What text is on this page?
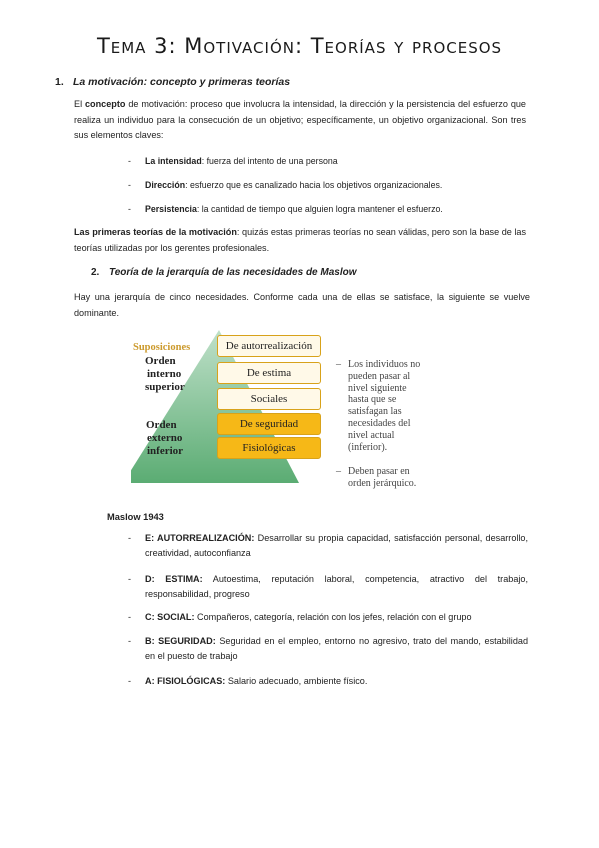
Tema 3: Motivación: Teorías y procesos
1. La motivación: concepto y primeras teorías

El concepto de motivación: proceso que involucra la intensidad, la dirección y la persistencia del esfuerzo que realiza un individuo para la consecución de un objetivo; específicamente, un objetivo organizacional. Son tres sus elementos claves:

- La intensidad: fuerza del intento de una persona
- Dirección: esfuerzo que es canalizado hacia los objetivos organizacionales.
- Persistencia: la cantidad de tiempo que alguien logra mantener el esfuerzo.

Las primeras teorías de la motivación: quizás estas primeras teorías no sean válidas, pero son la base de las teorías utilizadas por los gerentes profesionales.

2. Teoría de la jerarquía de las necesidades de Maslow

Hay una jerarquía de cinco necesidades. Conforme cada una de ellas se satisface, la siguiente se vuelve dominante.

Suposiciones
Orden
interno
superior
Orden
externo
inferior
De autorrealización
De estima
Sociales
De seguridad
Fisiológicas
– Los individuos no
pueden pasar al
nivel siguiente
hasta que se
satisfagan las
necesidades del
nivel actual
(inferior).
– Deben pasar en
orden jerárquico.
Maslow 1943
- E: AUTORREALIZACIÓN: Desarrollar su propia capacidad, satisfacción personal, desarrollo, creatividad, autoconfianza
- D: ESTIMA: Autoestima, reputación laboral, competencia, atractivo del trabajo, responsabilidad, progreso
- C: SOCIAL: Compañeros, categoría, relación con los jefes, relación con el grupo
- B: SEGURIDAD: Seguridad en el empleo, entorno no agresivo, trato del mando, estabilidad en el puesto de trabajo
- A: FISIOLÓGICAS: Salario adecuado, ambiente físico.
